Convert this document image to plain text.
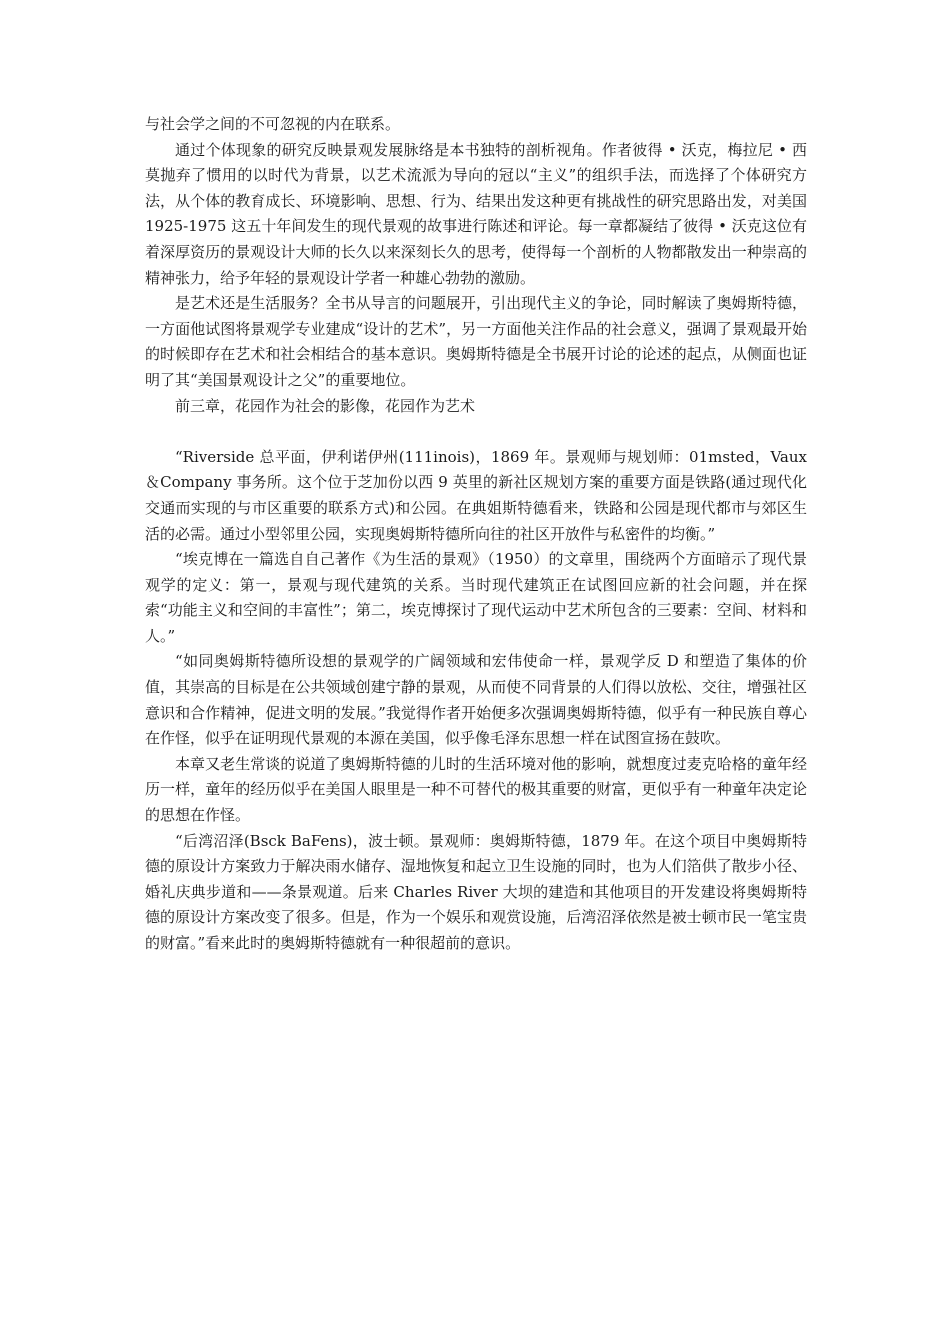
与社会学之间的不可忽视的内在联系。

通过个体现象的研究反映景观发展脉络是本书独特的剖析视角。作者彼得 • 沃克，梅拉尼 • 西莫抛弃了惯用的以时代为背景，以艺术流派为导向的冠以“主义”的组织手法，而选择了个体研究方法，从个体的教育成长、环境影响、思想、行为、结果出发这种更有挑战性的研究思路出发，对美国 1925-1975 这五十年间发生的现代景观的故事进行陈述和评论。每一章都凝结了彼得 • 沃克这位有着深厚资历的景观设计大师的长久以来深刻长久的思考，使得每一个剖析的人物都散发出一种崇高的精神张力，给予年轻的景观设计学者一种雄心勃勃的激励。

是艺术还是生活服务？全书从导言的问题展开，引出现代主义的争论，同时解读了奥姆斯特德，一方面他试图将景观学专业建成“设计的艺术”，另一方面他关注作品的社会意义，强调了景观最开始的时候即存在艺术和社会相结合的基本意识。奥姆斯特德是全书展开讨论的论述的起点，从侧面也证明了其“美国景观设计之父”的重要地位。

前三章，花园作为社会的影像，花园作为艺术

“Riverside 总平面，伊利诺伊州(111inois)，1869 年。景观师与规划师：01msted，Vaux＆Company 事务所。这个位于芝加份以西 9 英里的新社区规划方案的重要方面是铁路(通过现代化交通而实现的与市区重要的联系方式)和公园。在典姐斯特德看来，铁路和公园是现代都市与郊区生活的必需。通过小型邻里公园，实现奥姆斯特德所向往的社区开放件与私密件的均衡。”

“埃克博在一篇选自自己著作《为生活的景观》（1950）的文章里，围绕两个方面暗示了现代景观学的定义：第一，景观与现代建筑的关系。当时现代建筑正在试图回应新的社会问题，并在探索“功能主义和空间的丰富性”；第二，埃克博探讨了现代运动中艺术所包含的三要素：空间、材料和人。”

“如同奥姆斯特德所设想的景观学的广阔领域和宏伟使命一样，景观学反 D 和塑造了集体的价值，其崇高的目标是在公共领域创建宁静的景观，从而使不同背景的人们得以放松、交往，增强社区意识和合作精神，促进文明的发展。”我觉得作者开始便多次强调奥姆斯特德，似乎有一种民族自尊心在作怪，似乎在证明现代景观的本源在美国，似乎像毛泽东思想一样在试图宣扬在鼓吹。

本章又老生常谈的说道了奥姆斯特德的儿时的生活环境对他的影响，就想度过麦克哈格的童年经历一样，童年的经历似乎在美国人眼里是一种不可替代的极其重要的财富，更似乎有一种童年决定论的思想在作怪。

“后湾沼泽(Bsck BaFens)，波士顿。景观师：奥姆斯特德，1879 年。在这个项目中奥姆斯特德的原设计方案致力于解决雨水储存、湿地恢复和起立卫生设施的同时，也为人们箔供了散步小径、婚礼庆典步道和——条景观道。后来 Charles River 大坝的建造和其他项目的开发建设将奥姆斯特德的原设计方案改变了很多。但是，作为一个娱乐和观赏设施，后湾沼泽依然是被士顿市民一笔宝贵的财富。”看来此时的奥姆斯特德就有一种很超前的意识。
